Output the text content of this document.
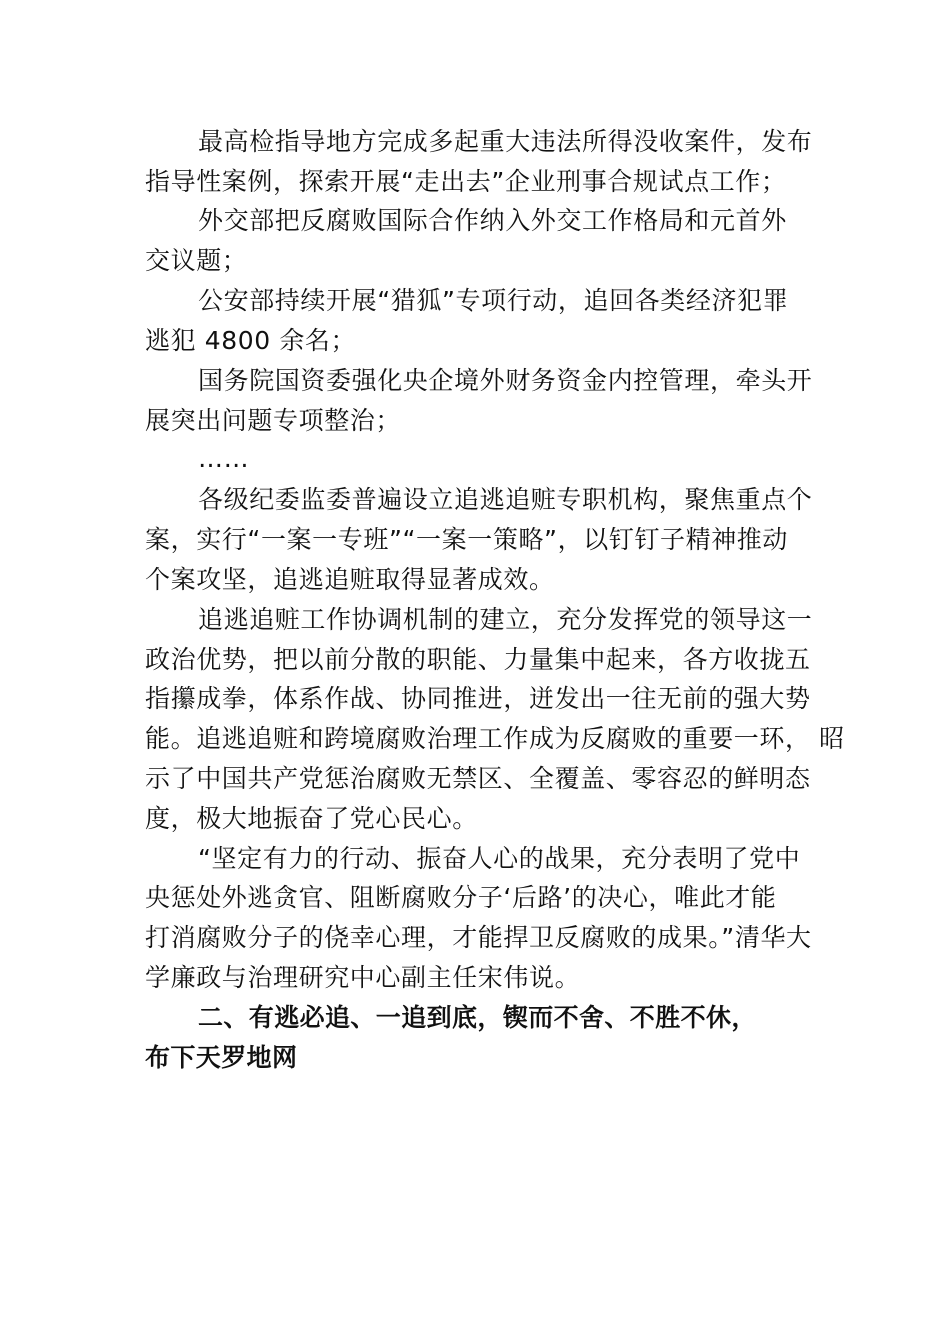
最高检指导地方完成多起重大违法所得没收案件，发布
指导性案例，探索开展“走出去”企业刑事合规试点工作；
外交部把反腐败国际合作纳入外交工作格局和元首外
交议题；
公安部持续开展“猎狐”专项行动，追回各类经济犯罪
逃犯 4800 余名；
国务院国资委强化央企境外财务资金内控管理，牵头开
展突出问题专项整治；
……
各级纪委监委普遍设立追逃追赃专职机构，聚焦重点个
案，实行“一案一专班”“一案一策略”，以钉钉子精神推动
个案攻坚，追逃追赃取得显著成效。
追逃追赃工作协调机制的建立，充分发挥党的领导这一
政治优势，把以前分散的职能、力量集中起来，各方收拢五
指攥成拳，体系作战、协同推进，迸发出一往无前的强大势
能。追逃追赃和跨境腐败治理工作成为反腐败的重要一环， 昭
示了中国共产党惩治腐败无禁区、全覆盖、零容忍的鲜明态
度，极大地振奋了党心民心。
“坚定有力的行动、振奋人心的战果，充分表明了党中
央惩处外逃贪官、阻断腐败分子‘后路’的决心，唯此才能
打消腐败分子的侥幸心理，才能捍卫反腐败的成果。”清华大
学廉政与治理研究中心副主任宋伟说。
二、有逃必追、一追到底，锲而不舍、不胜不休，
布下天罗地网
